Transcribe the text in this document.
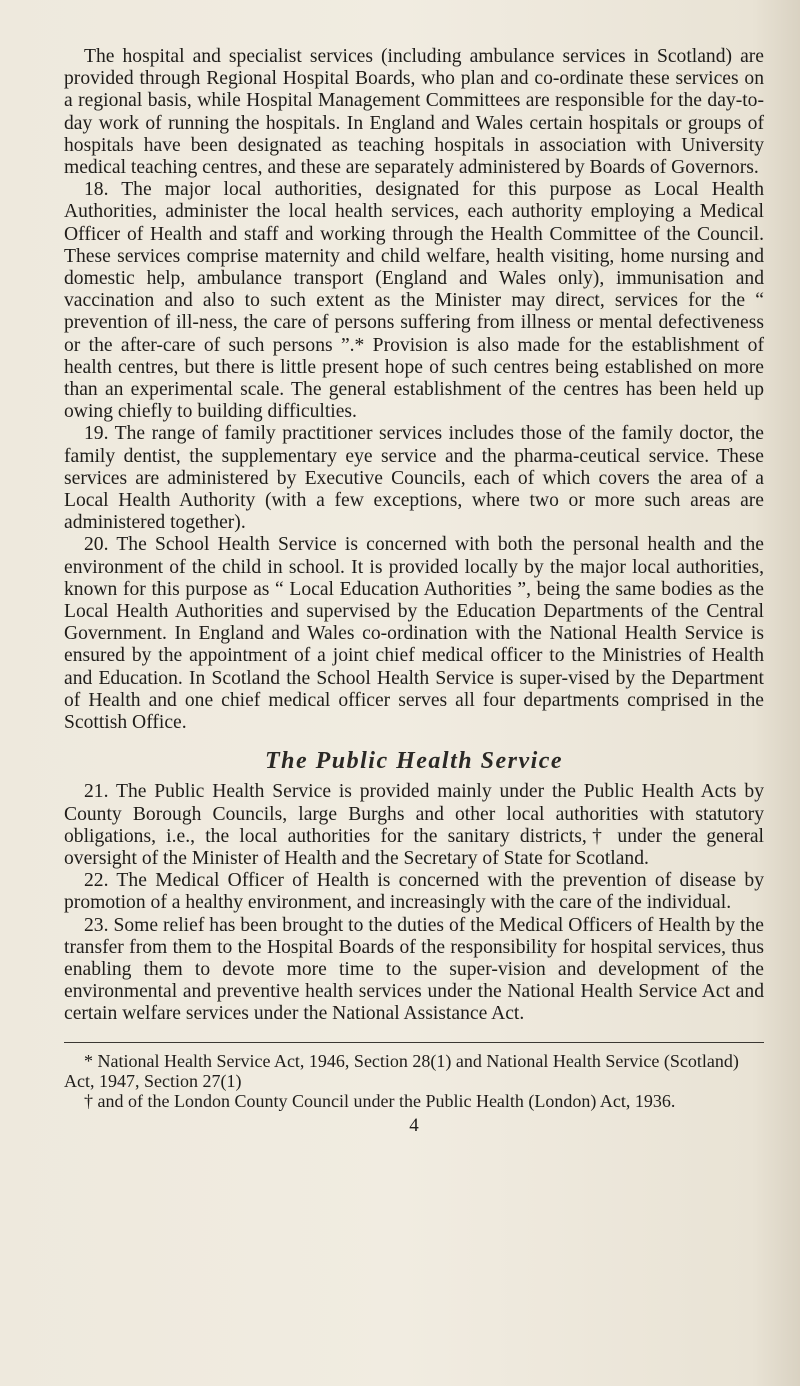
The hospital and specialist services (including ambulance services in Scotland) are provided through Regional Hospital Boards, who plan and co-ordinate these services on a regional basis, while Hospital Management Committees are responsible for the day-to-day work of running the hospitals. In England and Wales certain hospitals or groups of hospitals have been designated as teaching hospitals in association with University medical teaching centres, and these are separately administered by Boards of Governors.

18. The major local authorities, designated for this purpose as Local Health Authorities, administer the local health services, each authority employing a Medical Officer of Health and staff and working through the Health Committee of the Council. These services comprise maternity and child welfare, health visiting, home nursing and domestic help, ambulance transport (England and Wales only), immunisation and vaccination and also to such extent as the Minister may direct, services for the “ prevention of ill-ness, the care of persons suffering from illness or mental defectiveness or the after-care of such persons ”.* Provision is also made for the establishment of health centres, but there is little present hope of such centres being established on more than an experimental scale. The general establishment of the centres has been held up owing chiefly to building difficulties.

19. The range of family practitioner services includes those of the family doctor, the family dentist, the supplementary eye service and the pharma-ceutical service. These services are administered by Executive Councils, each of which covers the area of a Local Health Authority (with a few exceptions, where two or more such areas are administered together).

20. The School Health Service is concerned with both the personal health and the environment of the child in school. It is provided locally by the major local authorities, known for this purpose as “ Local Education Authorities ”, being the same bodies as the Local Health Authorities and supervised by the Education Departments of the Central Government. In England and Wales co-ordination with the National Health Service is ensured by the appointment of a joint chief medical officer to the Ministries of Health and Education. In Scotland the School Health Service is super-vised by the Department of Health and one chief medical officer serves all four departments comprised in the Scottish Office.

The Public Health Service

21. The Public Health Service is provided mainly under the Public Health Acts by County Borough Councils, large Burghs and other local authorities with statutory obligations, i.e., the local authorities for the sanitary districts,† under the general oversight of the Minister of Health and the Secretary of State for Scotland.

22. The Medical Officer of Health is concerned with the prevention of disease by promotion of a healthy environment, and increasingly with the care of the individual.

23. Some relief has been brought to the duties of the Medical Officers of Health by the transfer from them to the Hospital Boards of the responsibility for hospital services, thus enabling them to devote more time to the super-vision and development of the environmental and preventive health services under the National Health Service Act and certain welfare services under the National Assistance Act.

* National Health Service Act, 1946, Section 28(1) and National Health Service (Scotland) Act, 1947, Section 27(1)

† and of the London County Council under the Public Health (London) Act, 1936.

4
